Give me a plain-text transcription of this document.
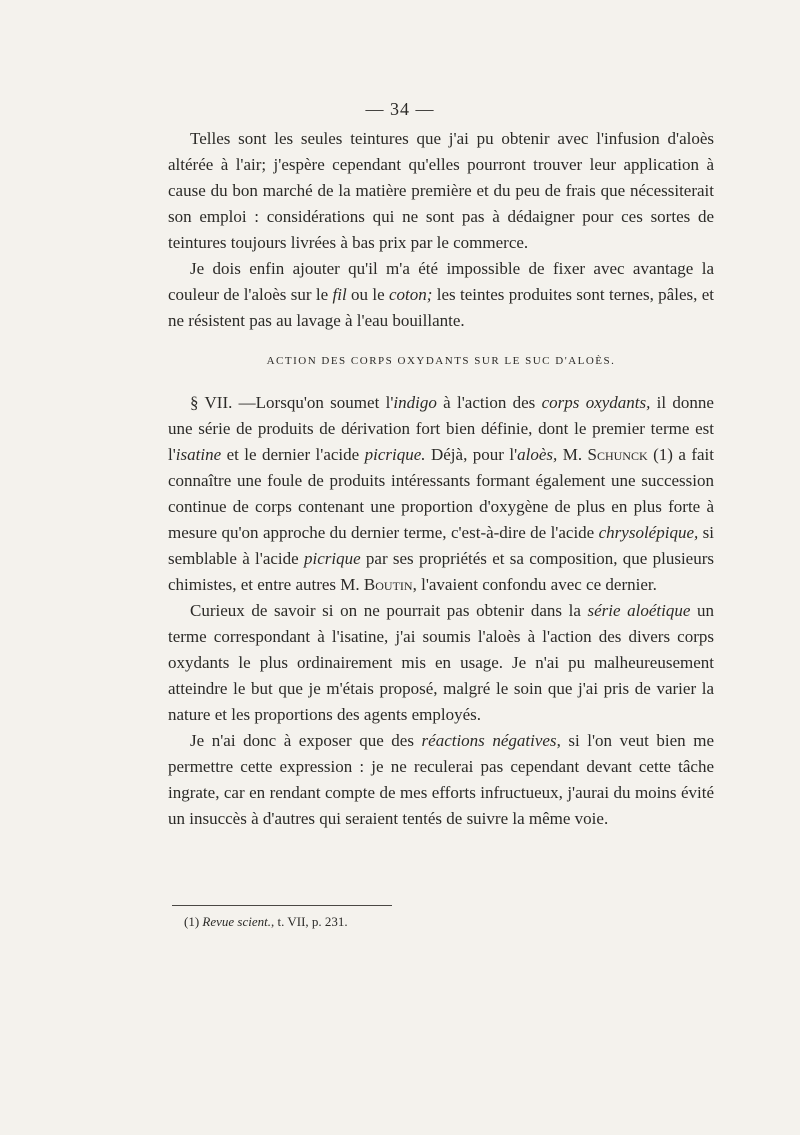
— 34 —

Telles sont les seules teintures que j'ai pu obtenir avec l'infusion d'aloès altérée à l'air; j'espère cependant qu'elles pourront trouver leur application à cause du bon marché de la matière première et du peu de frais que nécessiterait son emploi : considérations qui ne sont pas à dédaigner pour ces sortes de teintures toujours livrées à bas prix par le commerce.

Je dois enfin ajouter qu'il m'a été impossible de fixer avec avantage la couleur de l'aloès sur le fil ou le coton; les teintes produites sont ternes, pâles, et ne résistent pas au lavage à l'eau bouillante.

ACTION DES CORPS OXYDANTS SUR LE SUC D'ALOÈS.

§ VII. —Lorsqu'on soumet l'indigo à l'action des corps oxydants, il donne une série de produits de dérivation fort bien définie, dont le premier terme est l'isatine et le dernier l'acide picrique. Déjà, pour l'aloès, M. Schunck (1) a fait connaître une foule de produits intéressants formant également une succession continue de corps contenant une proportion d'oxygène de plus en plus forte à mesure qu'on approche du dernier terme, c'est-à-dire de l'acide chrysolépique, si semblable à l'acide picrique par ses propriétés et sa composition, que plusieurs chimistes, et entre autres M. Boutin, l'avaient confondu avec ce dernier.

Curieux de savoir si on ne pourrait pas obtenir dans la série aloétique un terme correspondant à l'isatine, j'ai soumis l'aloès à l'action des divers corps oxydants le plus ordinairement mis en usage. Je n'ai pu malheureusement atteindre le but que je m'étais proposé, malgré le soin que j'ai pris de varier la nature et les proportions des agents employés.

Je n'ai donc à exposer que des réactions négatives, si l'on veut bien me permettre cette expression : je ne reculerai pas cependant devant cette tâche ingrate, car en rendant compte de mes efforts infructueux, j'aurai du moins évité un insuccès à d'autres qui seraient tentés de suivre la même voie.

(1) Revue scient., t. VII, p. 231.
